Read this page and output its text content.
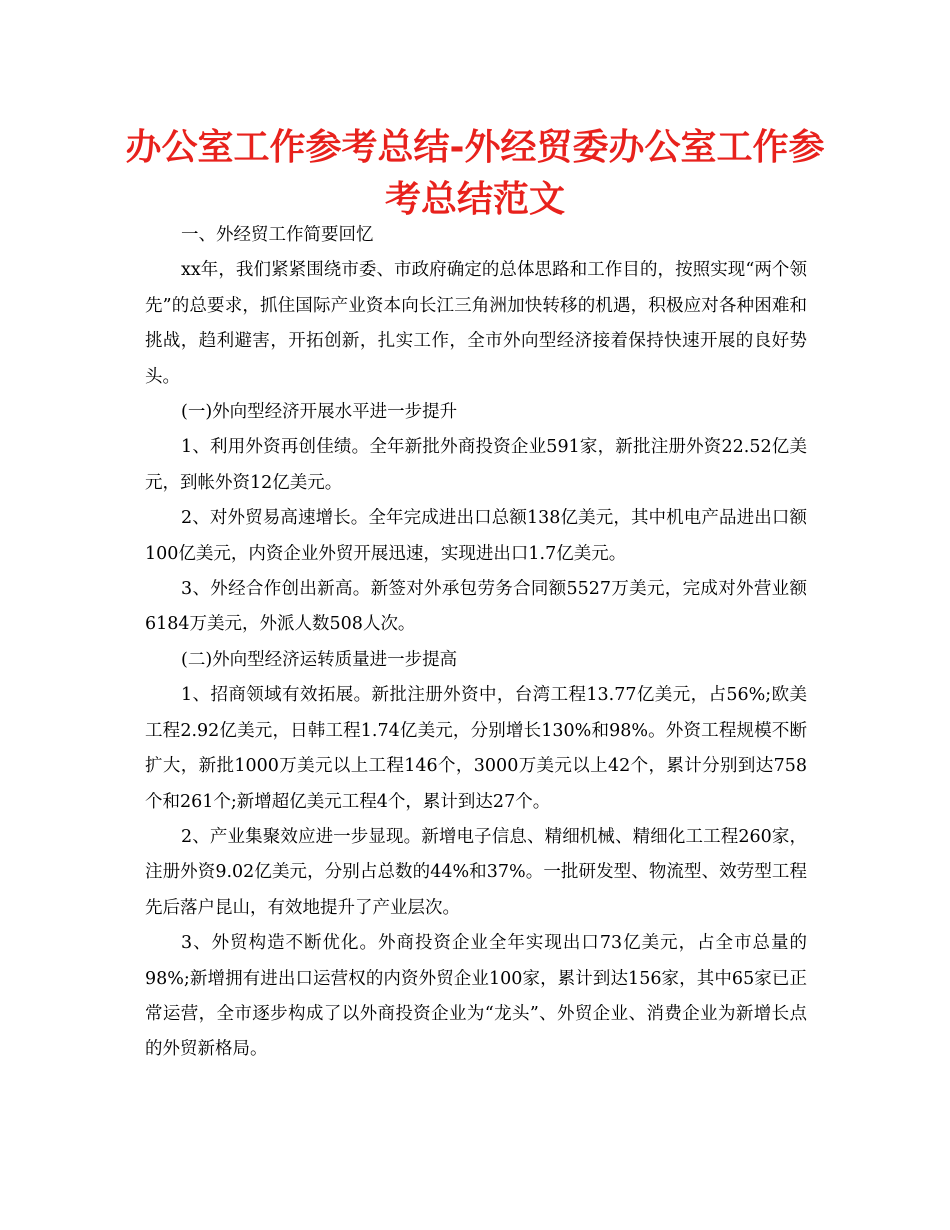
办公室工作参考总结-外经贸委办公室工作参考总结范文

一、外经贸工作简要回忆

xx年，我们紧紧围绕市委、市政府确定的总体思路和工作目的，按照实现“两个领先”的总要求，抓住国际产业资本向长江三角洲加快转移的机遇，积极应对各种困难和挑战，趋利避害，开拓创新，扎实工作，全市外向型经济接着保持快速开展的良好势头。

(一)外向型经济开展水平进一步提升

1、利用外资再创佳绩。全年新批外商投资企业591家，新批注册外资22.52亿美元，到帐外资12亿美元。

2、对外贸易高速增长。全年完成进出口总额138亿美元，其中机电产品进出口额100亿美元，内资企业外贸开展迅速，实现进出口1.7亿美元。

3、外经合作创出新高。新签对外承包劳务合同额5527万美元，完成对外营业额6184万美元，外派人数508人次。

(二)外向型经济运转质量进一步提高

1、招商领域有效拓展。新批注册外资中，台湾工程13.77亿美元，占56%;欧美工程2.92亿美元，日韩工程1.74亿美元，分别增长130%和98%。外资工程规模不断扩大，新批1000万美元以上工程146个，3000万美元以上42个，累计分别到达758个和261个;新增超亿美元工程4个，累计到达27个。

2、产业集聚效应进一步显现。新增电子信息、精细机械、精细化工工程260家，注册外资9.02亿美元，分别占总数的44%和37%。一批研发型、物流型、效劳型工程先后落户昆山，有效地提升了产业层次。

3、外贸构造不断优化。外商投资企业全年实现出口73亿美元，占全市总量的98%;新增拥有进出口运营权的内资外贸企业100家，累计到达156家，其中65家已正常运营，全市逐步构成了以外商投资企业为“龙头”、外贸企业、消费企业为新增长点的外贸新格局。
